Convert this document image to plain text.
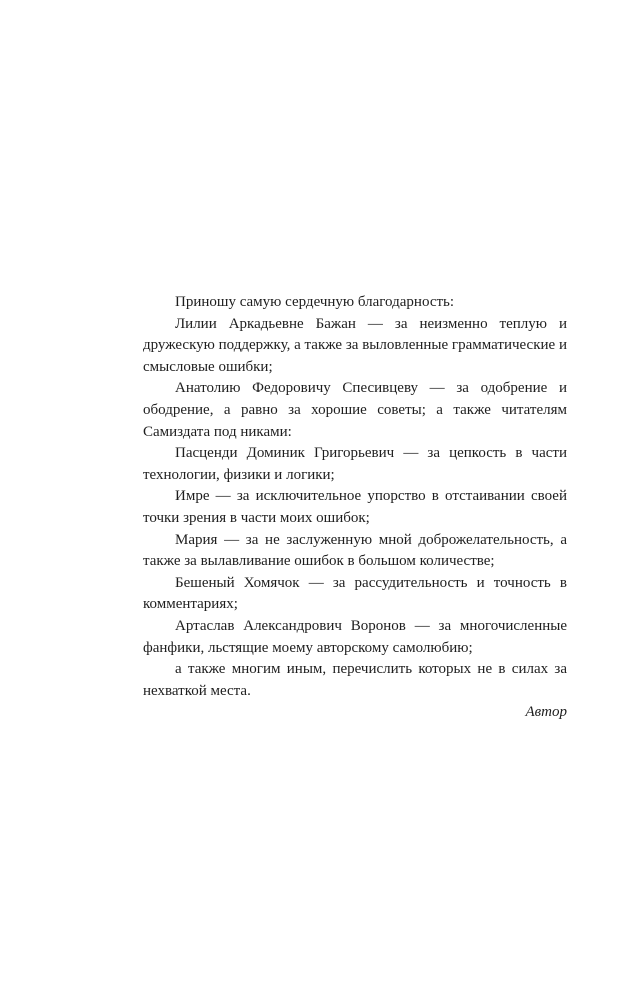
Приношу самую сердечную благодарность:

Лилии Аркадьевне Бажан — за неизменно теплую и дружескую поддержку, а также за выловленные грамматические и смысловые ошибки;

Анатолию Федоровичу Спесивцеву — за одобрение и ободрение, а равно за хорошие советы; а также читателям Самиздата под никами:

Пасценди Доминик Григорьевич — за цепкость в части технологии, физики и логики;

Имре — за исключительное упорство в отстаивании своей точки зрения в части моих ошибок;

Мария — за не заслуженную мной доброжелательность, а также за вылавливание ошибок в большом количестве;

Бешеный Хомячок — за рассудительность и точность в комментариях;

Артаслав Александрович Воронов — за многочисленные фанфики, льстящие моему авторскому самолюбию;

а также многим иным, перечислить которых не в силах за нехваткой места.

Автор
